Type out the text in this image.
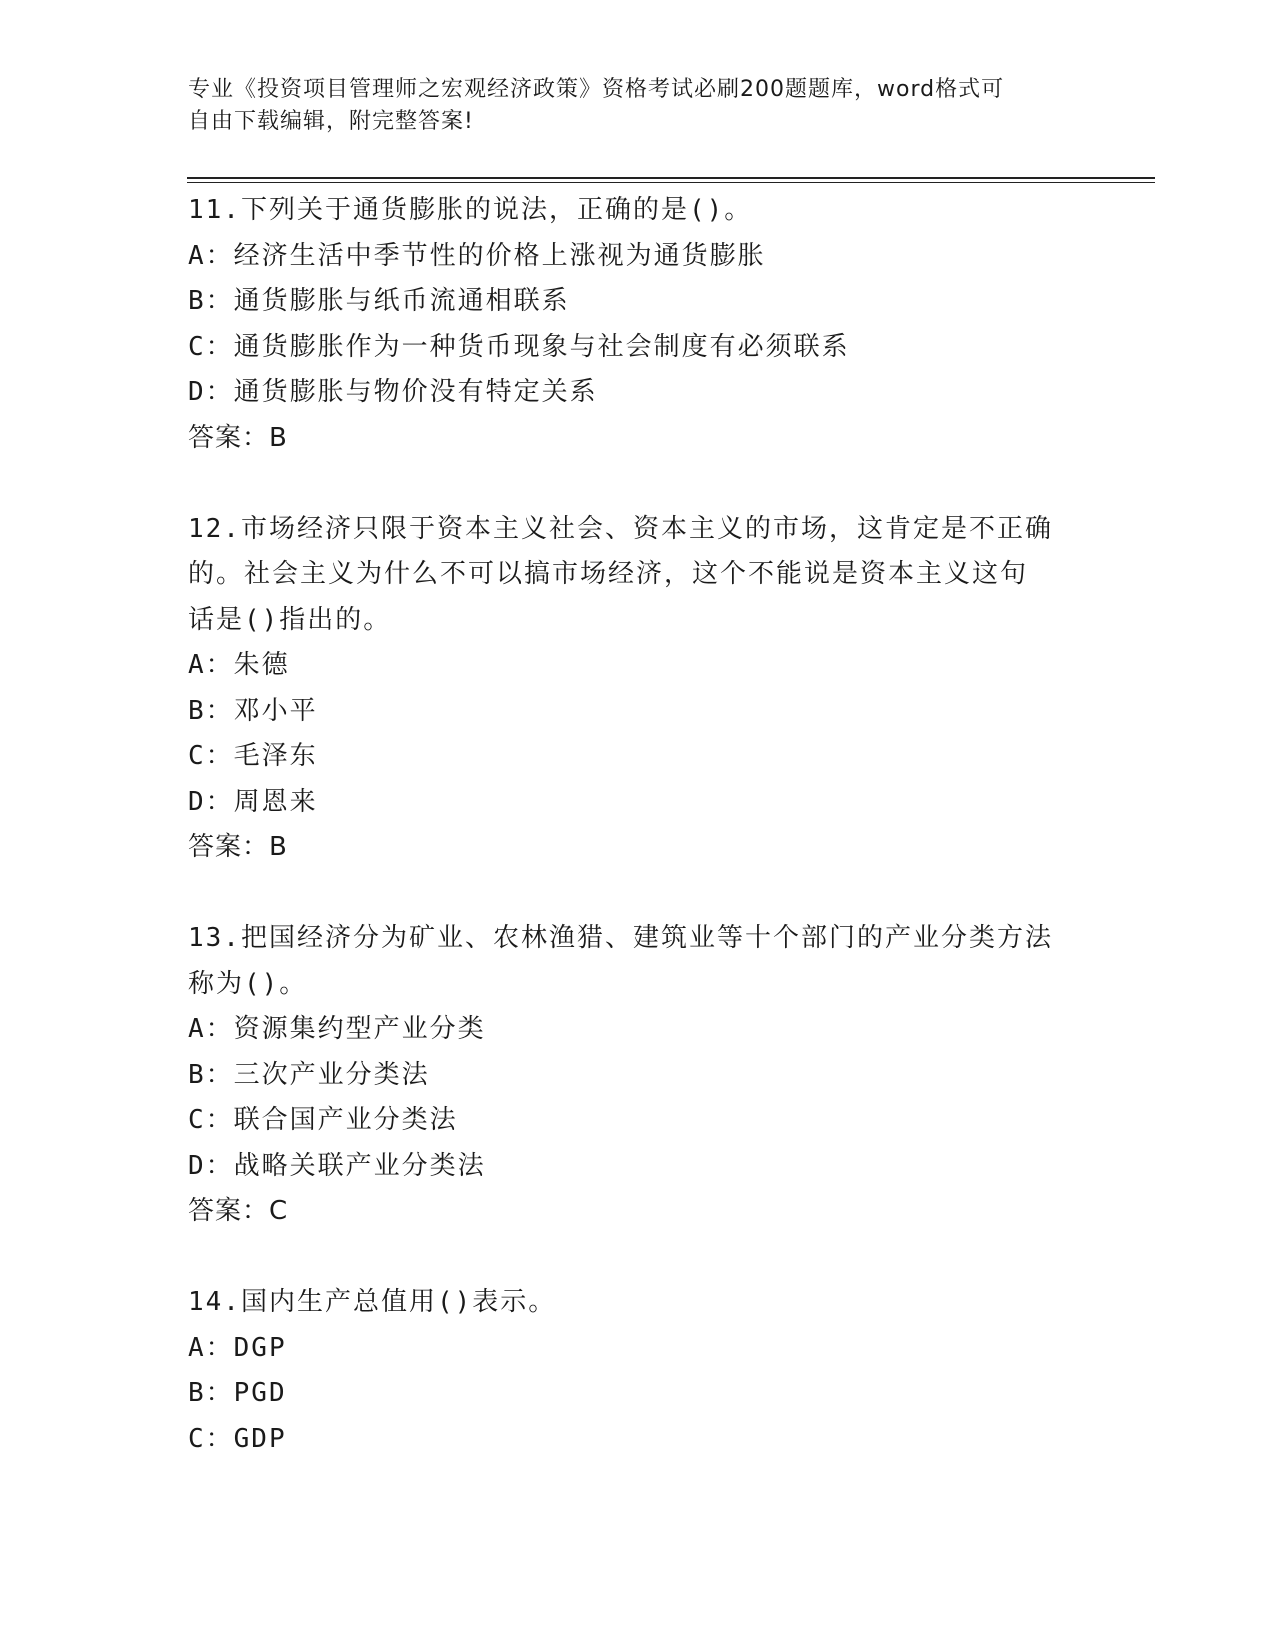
专业《投资项目管理师之宏观经济政策》资格考试必刷200题题库，word格式可
自由下载编辑，附完整答案!
11.下列关于通货膨胀的说法，正确的是()。
A：经济生活中季节性的价格上涨视为通货膨胀
B：通货膨胀与纸币流通相联系
C：通货膨胀作为一种货币现象与社会制度有必须联系
D：通货膨胀与物价没有特定关系
答案：B
12.市场经济只限于资本主义社会、资本主义的市场，这肯定是不正确
的。社会主义为什么不可以搞市场经济，这个不能说是资本主义这句
话是()指出的。
A：朱德
B：邓小平
C：毛泽东
D：周恩来
答案：B
13.把国经济分为矿业、农林渔猎、建筑业等十个部门的产业分类方法
称为()。
A：资源集约型产业分类
B：三次产业分类法
C：联合国产业分类法
D：战略关联产业分类法
答案：C
14.国内生产总值用()表示。
A：DGP
B：PGD
C：GDP
